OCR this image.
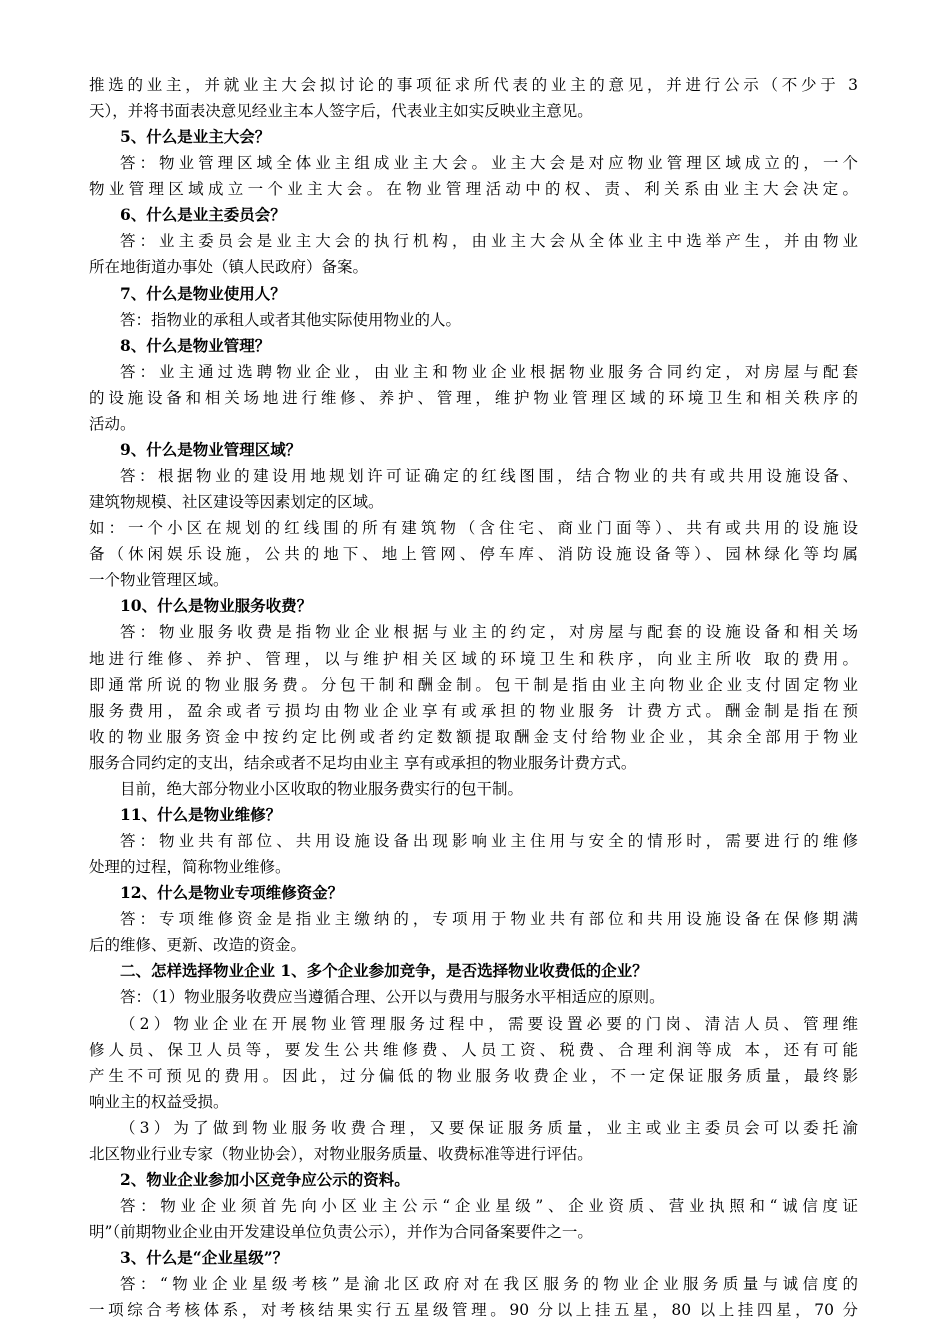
推选的业主，并就业主大会拟讨论的事项征求所代表的业主的意见，并进行公示（不少于 3
天），并将书面表决意见经业主本人签字后，代表业主如实反映业主意见。
5、什么是业主大会？
答：物业管理区域全体业主组成业主大会。业主大会是对应物业管理区域成立的，一个
物业管理区域成立一个业主大会。在物业管理活动中的权、责、利关系由业主大会决定。
6、什么是业主委员会？
答：业主委员会是业主大会的执行机构，由业主大会从全体业主中选举产生，并由物业
所在地街道办事处（镇人民政府）备案。
7、什么是物业使用人？
答：指物业的承租人或者其他实际使用物业的人。
8、什么是物业管理？
答：业主通过选聘物业企业，由业主和物业企业根据物业服务合同约定，对房屋与配套
的设施设备和相关场地进行维修、养护、管理，维护物业管理区域的环境卫生和相关秩序的
活动。
9、什么是物业管理区域？
答：根据物业的建设用地规划许可证确定的红线图围，结合物业的共有或共用设施设备、
建筑物规模、社区建设等因素划定的区域。
如：一个小区在规划的红线围的所有建筑物（含住宅、商业门面等）、共有或共用的设施设
备（休闲娱乐设施，公共的地下、地上管网、停车库、消防设施设备等）、园林绿化等均属
一个物业管理区域。
10、什么是物业服务收费？
答：物业服务收费是指物业企业根据与业主的约定，对房屋与配套的设施设备和相关场
地进行维修、养护、管理，以与维护相关区域的环境卫生和秩序，向业主所收 取的费用。
即通常所说的物业服务费。分包干制和酬金制。包干制是指由业主向物业企业支付固定物业
服务费用，盈余或者亏损均由物业企业享有或承担的物业服务 计费方式。酬金制是指在预
收的物业服务资金中按约定比例或者约定数额提取酬金支付给物业企业，其余全部用于物业
服务合同约定的支出，结余或者不足均由业主 享有或承担的物业服务计费方式。
目前，绝大部分物业小区收取的物业服务费实行的包干制。
11、什么是物业维修？
答：物业共有部位、共用设施设备出现影响业主住用与安全的情形时，需要进行的维修
处理的过程，简称物业维修。
12、什么是物业专项维修资金？
答：专项维修资金是指业主缴纳的，专项用于物业共有部位和共用设施设备在保修期满
后的维修、更新、改造的资金。
二、怎样选择物业企业 1、多个企业参加竞争，是否选择物业收费低的企业？
答：（1）物业服务收费应当遵循合理、公开以与费用与服务水平相适应的原则。
（2）物业企业在开展物业管理服务过程中，需要设置必要的门岗、清洁人员、管理维
修人员、保卫人员等，要发生公共维修费、人员工资、税费、合理利润等成 本，还有可能
产生不可预见的费用。因此，过分偏低的物业服务收费企业，不一定保证服务质量，最终影
响业主的权益受损。
（3）为了做到物业服务收费合理，又要保证服务质量，业主或业主委员会可以委托渝
北区物业行业专家（物业协会），对物业服务质量、收费标准等进行评估。
2、物业企业参加小区竞争应公示的资料。
答：物业企业须首先向小区业主公示“企业星级”、企业资质、营业执照和“诚信度证
明”（前期物业企业由开发建设单位负责公示），并作为合同备案要件之一。
3、什么是“企业星级”？
答：“物业企业星级考核”是渝北区政府对在我区服务的物业企业服务质量与诚信度的
一项综合考核体系，对考核结果实行五星级管理。90 分以上挂五星，80 以上挂四星，70 分
